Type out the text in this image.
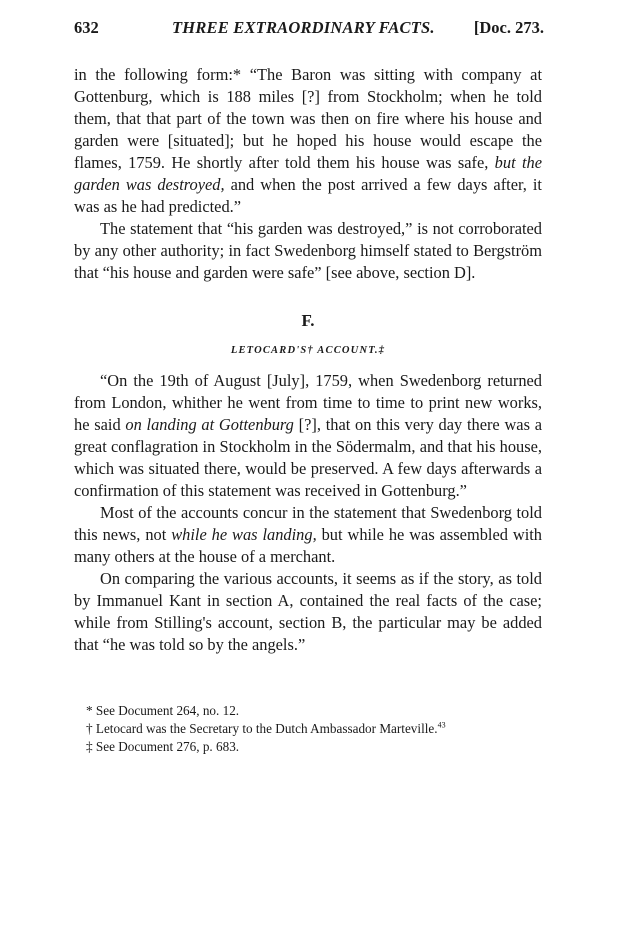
632	THREE EXTRAORDINARY FACTS. [Doc. 273.

in the following form:* “The Baron was sitting with company at Gottenburg, which is 188 miles [?] from Stockholm; when he told them, that that part of the town was then on fire where his house and garden were [situated]; but he hoped his house would escape the flames, 1759. He shortly after told them his house was safe, but the garden was destroyed, and when the post arrived a few days after, it was as he had predicted.”

The statement that “his garden was destroyed,” is not corroborated by any other authority; in fact Swedenborg himself stated to Bergström that “his house and garden were safe” [see above, section D].

F.
LETOCARD'S† ACCOUNT.‡

“On the 19th of August [July], 1759, when Swedenborg returned from London, whither he went from time to time to print new works, he said on landing at Gottenburg [?], that on this very day there was a great conflagration in Stockholm in the Södermalm, and that his house, which was situated there, would be preserved. A few days afterwards a confirmation of this statement was received in Gottenburg.”

Most of the accounts concur in the statement that Swedenborg told this news, not while he was landing, but while he was assembled with many others at the house of a merchant.

On comparing the various accounts, it seems as if the story, as told by Immanuel Kant in section A, contained the real facts of the case; while from Stilling's account, section B, the particular may be added that “he was told so by the angels.”

* See Document 264, no. 12.
† Letocard was the Secretary to the Dutch Ambassador Marteville.$^{43}$
‡ See Document 276, p. 683.
